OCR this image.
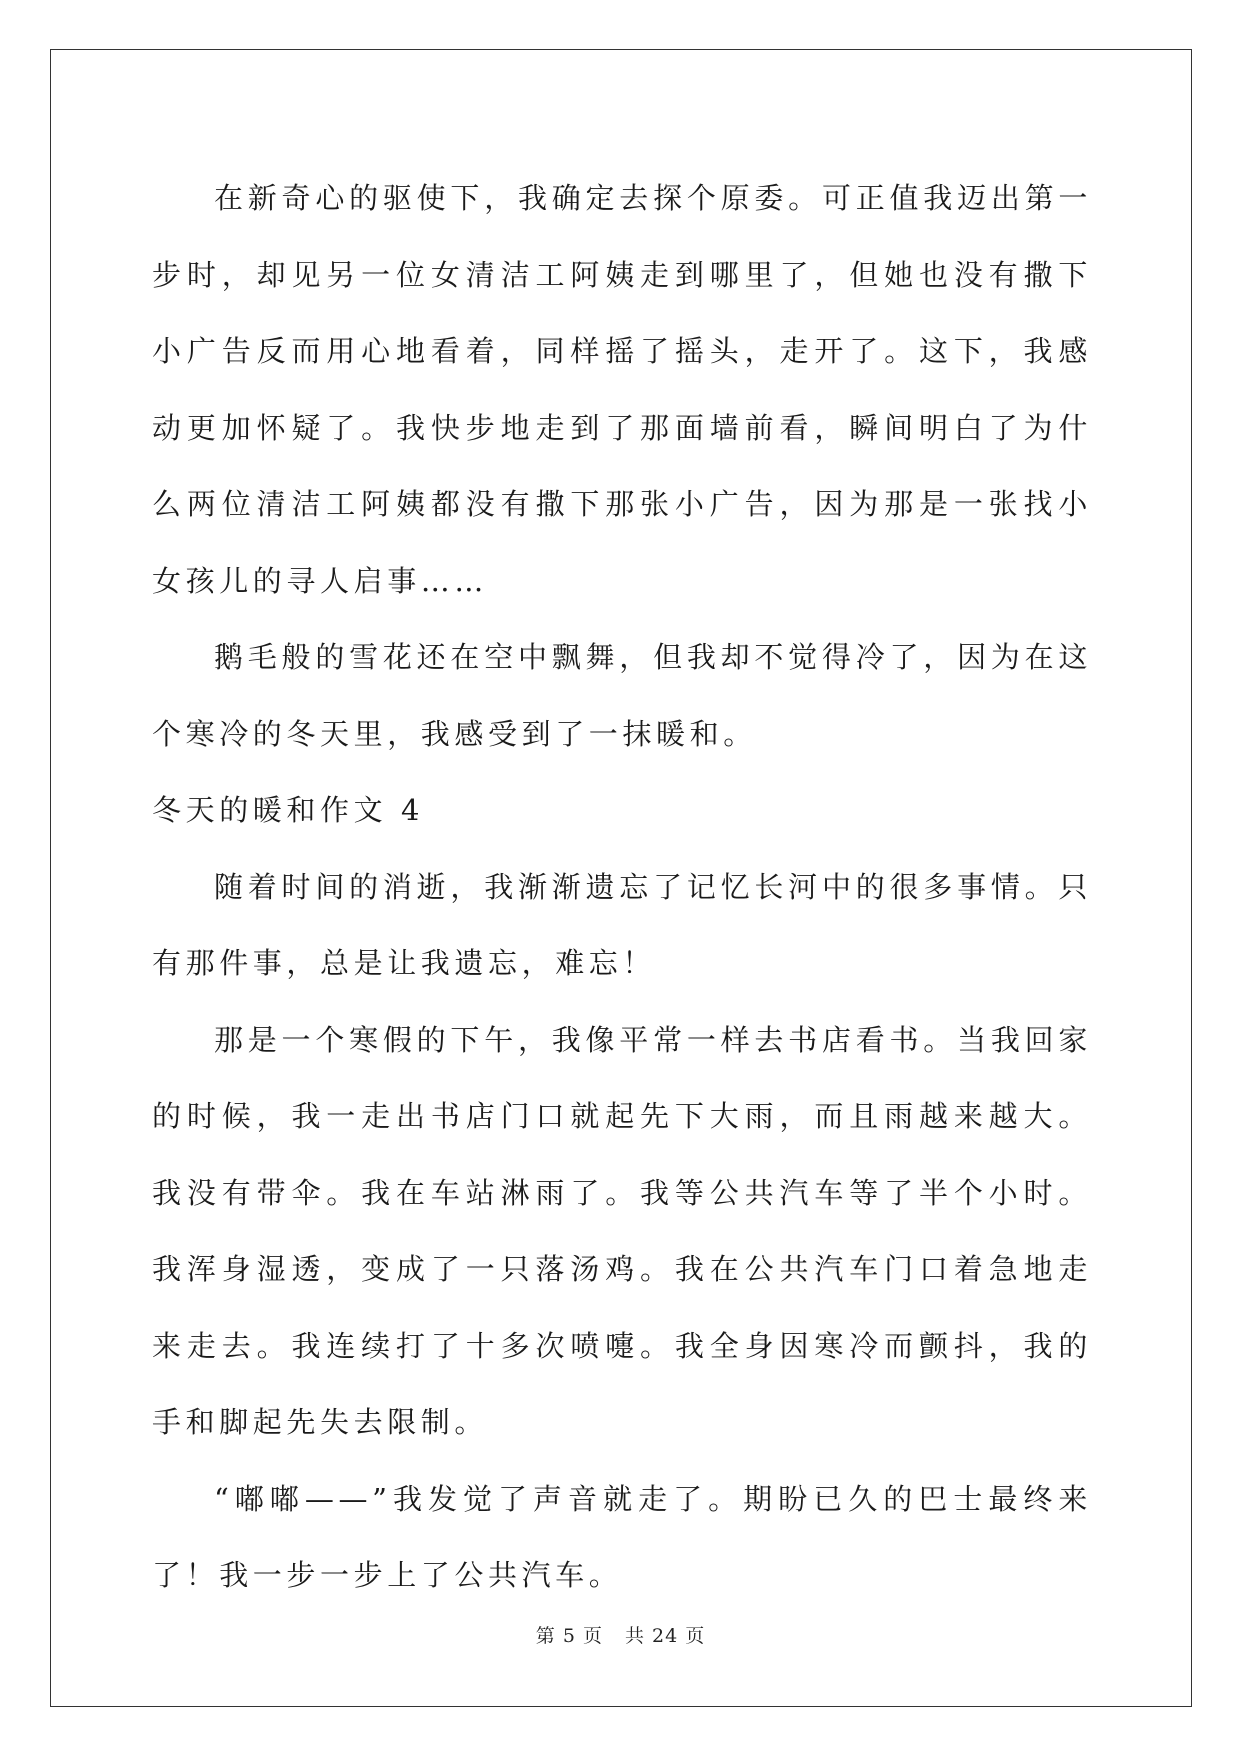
在新奇心的驱使下，我确定去探个原委。可正值我迈出第一步时，却见另一位女清洁工阿姨走到哪里了，但她也没有撒下小广告反而用心地看着，同样摇了摇头，走开了。这下，我感动更加怀疑了。我快步地走到了那面墙前看，瞬间明白了为什么两位清洁工阿姨都没有撒下那张小广告，因为那是一张找小女孩儿的寻人启事……

鹅毛般的雪花还在空中飘舞，但我却不觉得冷了，因为在这个寒冷的冬天里，我感受到了一抹暖和。

冬天的暖和作文 4

随着时间的消逝，我渐渐遗忘了记忆长河中的很多事情。只有那件事，总是让我遗忘，难忘！

那是一个寒假的下午，我像平常一样去书店看书。当我回家的时候，我一走出书店门口就起先下大雨，而且雨越来越大。我没有带伞。我在车站淋雨了。我等公共汽车等了半个小时。我浑身湿透，变成了一只落汤鸡。我在公共汽车门口着急地走来走去。我连续打了十多次喷嚏。我全身因寒冷而颤抖，我的手和脚起先失去限制。

“嘟嘟——”我发觉了声音就走了。期盼已久的巴士最终来了！我一步一步上了公共汽车。

第 5 页 共 24 页
